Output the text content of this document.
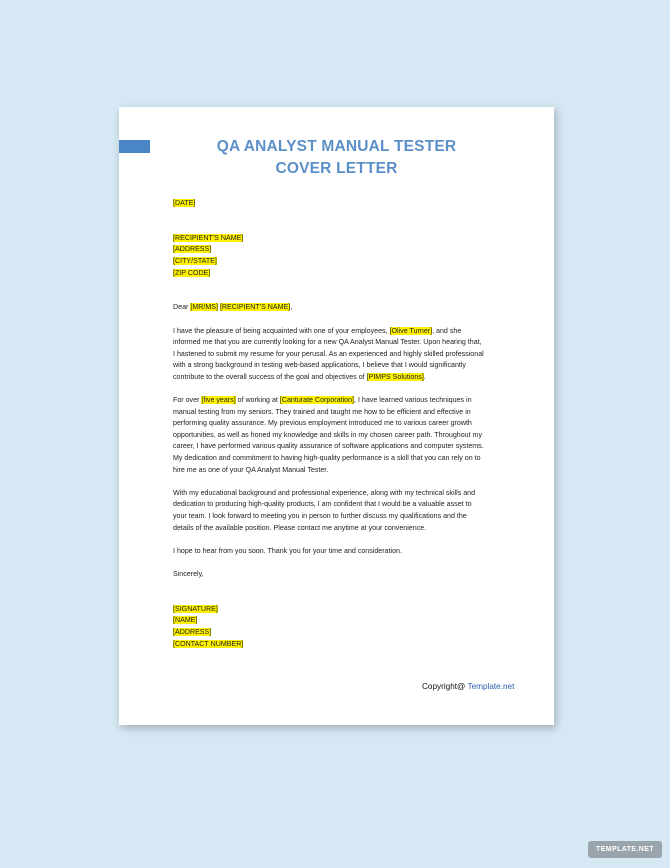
QA ANALYST MANUAL TESTER
COVER LETTER
[DATE]
[RECIPIENT'S NAME]
[ADDRESS]
[CITY/STATE]
[ZIP CODE]
Dear [MR/MS] [RECIPIENT'S NAME],
I have the pleasure of being acquainted with one of your employees, [Olive Turner], and she
informed me that you are currently looking for a new QA Analyst Manual Tester. Upon hearing that,
I hastened to submit my resume for your perusal. As an experienced and highly skilled professional
with a strong background in testing web-based applications, I believe that I would significantly
contribute to the overall success of the goal and objectives of [PIMPS Solutions].
For over [five years] of working at [Canturate Corporation], I have learned various techniques in
manual testing from my seniors. They trained and taught me how to be efficient and effective in
performing quality assurance. My previous employment introduced me to various career growth
opportunities, as well as honed my knowledge and skills in my chosen career path. Throughout my
career, I have performed various quality assurance of software applications and computer systems.
My dedication and commitment to having high-quality performance is a skill that you can rely on to
hire me as one of your QA Analyst Manual Tester.
With my educational background and professional experience, along with my technical skills and
dedication to producing high-quality products, I am confident that I would be a valuable asset to
your team. I look forward to meeting you in person to further discuss my qualifications and the
details of the available position. Please contact me anytime at your convenience.
I hope to hear from you soon. Thank you for your time and consideration.
Sincerely,
[SIGNATURE]
[NAME]
[ADDRESS]
[CONTACT NUMBER]
Copyright@ Template.net
TEMPLATE.NET
